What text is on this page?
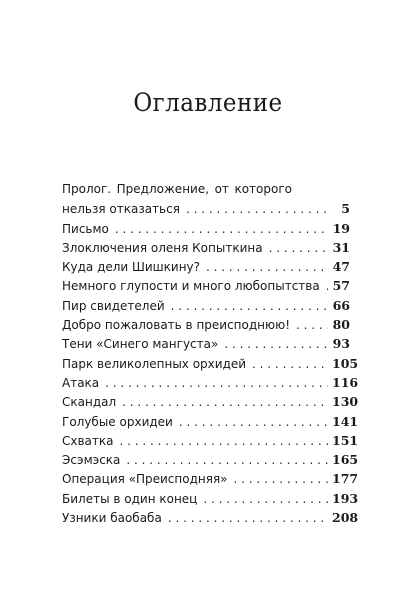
Оглавление
Пролог. Предложение, от которого
нельзя отказаться . . .	5
Письмо . . .	19
Злоключения оленя Копыткина . . .	31
Куда дели Шишкину? . . .	47
Немного глупости и много любопытства . . . 57
Пир свидетелей . . .	66
Добро пожаловать в преисподнюю! . . .	80
Тени «Синего мангуста» . . .	93
Парк великолепных орхидей . . .	105
Атака . . .	116
Скандал . . .	130
Голубые орхидеи . . .	141
Схватка . . .	151
Эсэмэска . . .	165
Операция «Преисподняя» . . .	177
Билеты в один конец . . .	193
Узники баобаба . . .	208
